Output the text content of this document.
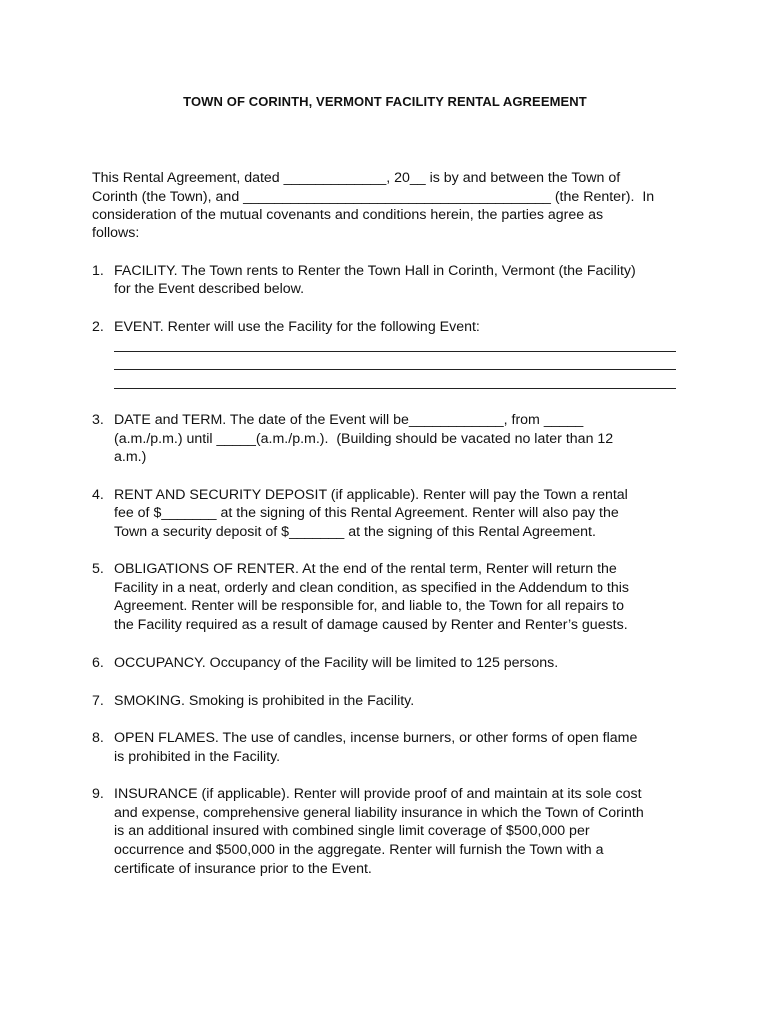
TOWN OF CORINTH, VERMONT FACILITY RENTAL AGREEMENT
This Rental Agreement, dated _____________, 20__ is by and between the Town of
Corinth (the Town), and _______________________________________ (the Renter).  In
consideration of the mutual covenants and conditions herein, the parties agree as
follows:
1. FACILITY. The Town rents to Renter the Town Hall in Corinth, Vermont (the Facility)
for the Event described below.
2. EVENT. Renter will use the Facility for the following Event:
3. DATE and TERM. The date of the Event will be____________, from _____
(a.m./p.m.) until _____(a.m./p.m.).  (Building should be vacated no later than 12
a.m.)
4. RENT AND SECURITY DEPOSIT (if applicable). Renter will pay the Town a rental
fee of $_______ at the signing of this Rental Agreement. Renter will also pay the
Town a security deposit of $_______ at the signing of this Rental Agreement.
5. OBLIGATIONS OF RENTER. At the end of the rental term, Renter will return the
Facility in a neat, orderly and clean condition, as specified in the Addendum to this
Agreement. Renter will be responsible for, and liable to, the Town for all repairs to
the Facility required as a result of damage caused by Renter and Renter’s guests.
6. OCCUPANCY. Occupancy of the Facility will be limited to 125 persons.
7. SMOKING. Smoking is prohibited in the Facility.
8. OPEN FLAMES. The use of candles, incense burners, or other forms of open flame
is prohibited in the Facility.
9. INSURANCE (if applicable). Renter will provide proof of and maintain at its sole cost
and expense, comprehensive general liability insurance in which the Town of Corinth
is an additional insured with combined single limit coverage of $500,000 per
occurrence and $500,000 in the aggregate. Renter will furnish the Town with a
certificate of insurance prior to the Event.
